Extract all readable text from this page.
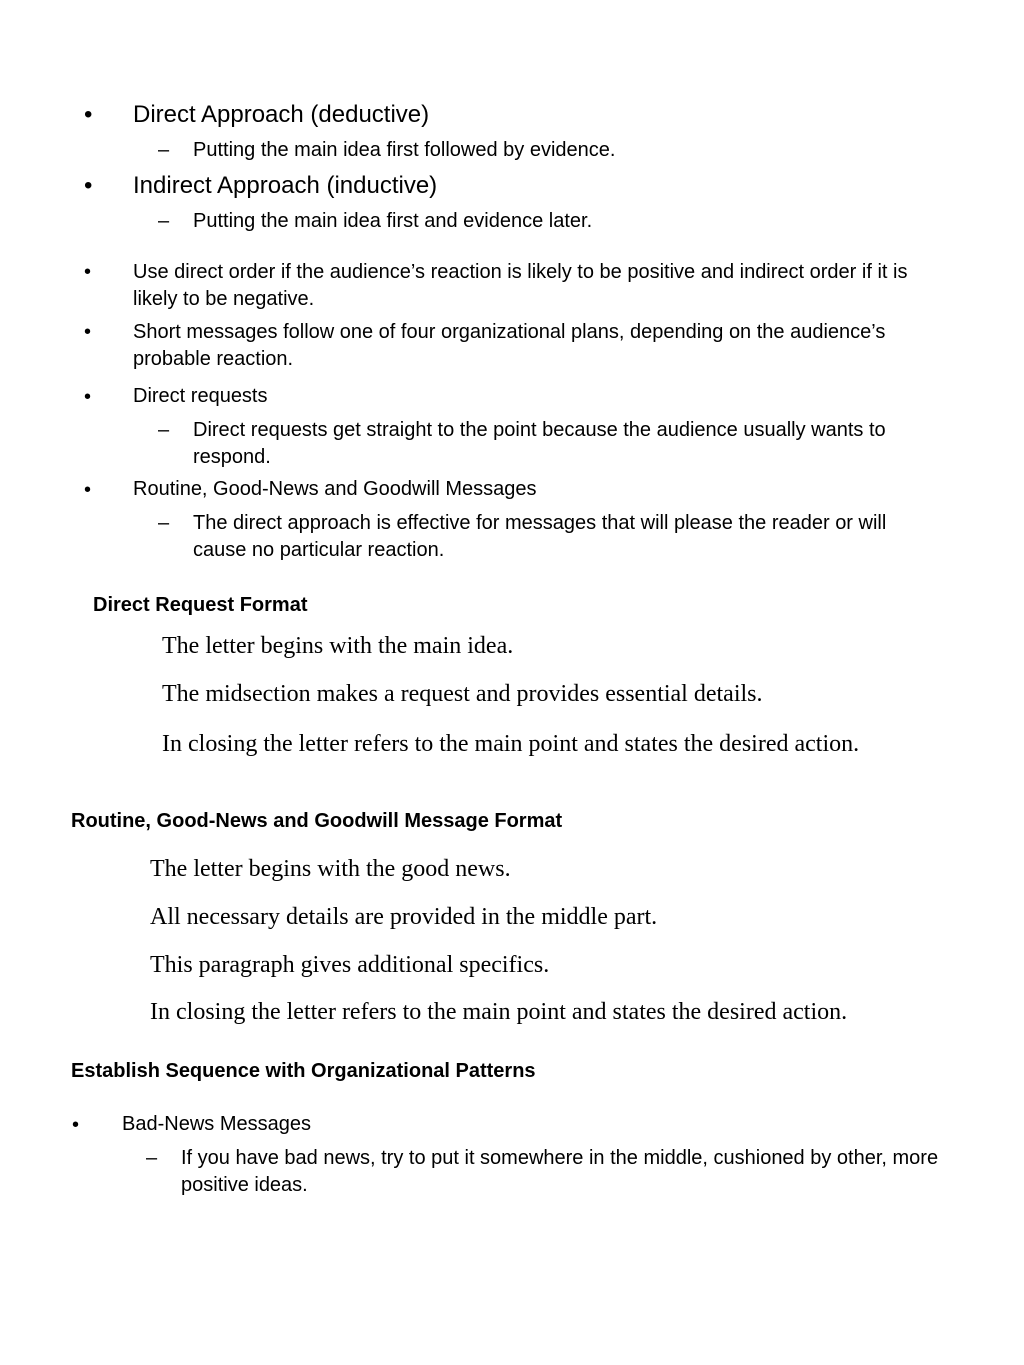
• Direct Approach (deductive)
– Putting the main idea first followed by evidence.
• Indirect Approach (inductive)
– Putting the main idea first and evidence later.
• Use direct order if the audience’s reaction is likely to be positive and indirect order if it is likely to be negative.
• Short messages follow one of four organizational plans, depending on the audience’s probable reaction.
• Direct requests
– Direct requests get straight to the point because the audience usually wants to respond.
• Routine, Good-News and Goodwill Messages
– The direct approach is effective for messages that will please the reader or will cause no particular reaction.
Direct Request Format
The letter begins with the main idea.
The midsection makes a request and provides essential details.
In closing the letter refers to the main point and states the desired action.
Routine, Good-News and Goodwill Message Format
The letter begins with the good news.
All necessary details are provided in the middle part.
This paragraph gives additional specifics.
In closing the letter refers to the main point and states the desired action.
Establish Sequence with Organizational Patterns
• Bad-News Messages
– If you have bad news, try to put it somewhere in the middle, cushioned by other, more positive ideas.
